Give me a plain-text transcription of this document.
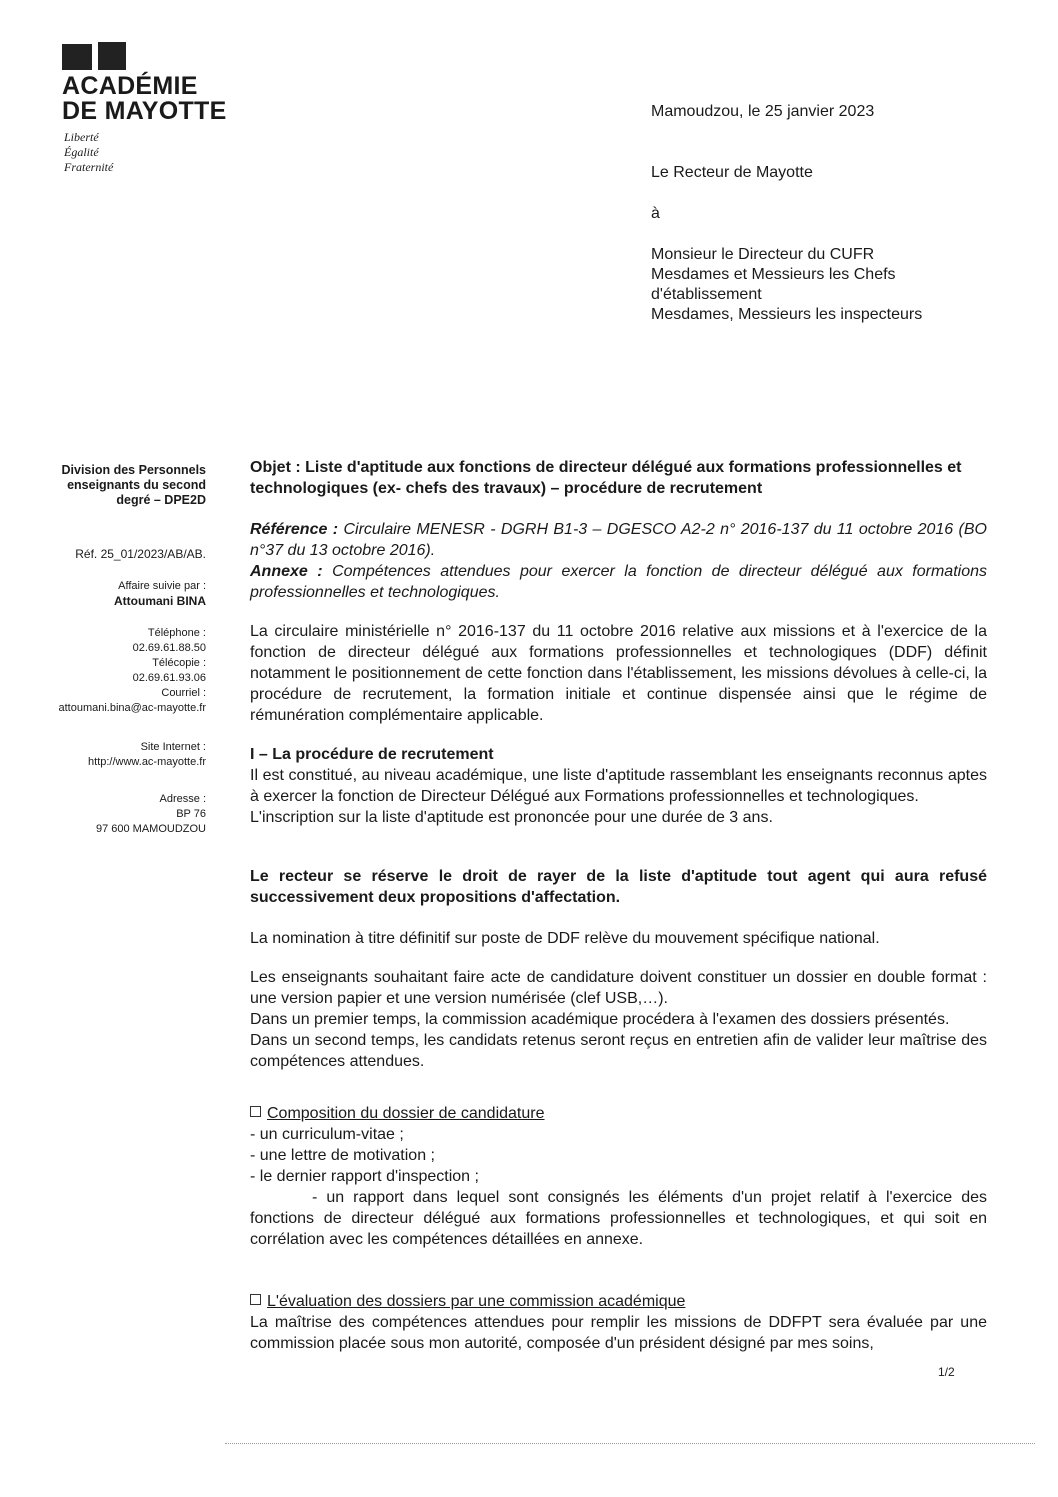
ACADÉMIE
DE MAYOTTE
Liberté
Égalité
Fraternité
Mamoudzou, le 25 janvier 2023
Le Recteur de Mayotte
à
Monsieur le Directeur du CUFR
Mesdames et Messieurs les Chefs
d'établissement
Mesdames, Messieurs les inspecteurs
Division des Personnels
enseignants du second
degré – DPE2D
Réf. 25_01/2023/AB/AB.
Affaire suivie par :
Attoumani BINA
Téléphone :
02.69.61.88.50
Télécopie :
02.69.61.93.06
Courriel :
attoumani.bina@ac-mayotte.fr
Site Internet :
http://www.ac-mayotte.fr
Adresse :
BP 76
97 600 MAMOUDZOU
Objet : Liste d'aptitude aux fonctions de directeur délégué aux formations professionnelles et technologiques (ex- chefs des travaux) – procédure de recrutement

Référence : Circulaire MENESR - DGRH B1-3 – DGESCO A2-2 n° 2016-137 du 11 octobre 2016 (BO n°37 du 13 octobre 2016).

Annexe : Compétences attendues pour exercer la fonction de directeur délégué aux formations professionnelles et technologiques.

La circulaire ministérielle n° 2016-137 du 11 octobre 2016 relative aux missions et à l'exercice de la fonction de directeur délégué aux formations professionnelles et technologiques (DDF) définit notamment le positionnement de cette fonction dans l'établissement, les missions dévolues à celle-ci, la procédure de recrutement, la formation initiale et continue dispensée ainsi que le régime de rémunération complémentaire applicable.

I – La procédure de recrutement

Il est constitué, au niveau académique, une liste d'aptitude rassemblant les enseignants reconnus aptes à exercer la fonction de Directeur Délégué aux Formations professionnelles et technologiques.

L'inscription sur la liste d'aptitude est prononcée pour une durée de 3 ans.

Le recteur se réserve le droit de rayer de la liste d'aptitude tout agent qui aura refusé successivement deux propositions d'affectation.
La nomination à titre définitif sur poste de DDF relève du mouvement spécifique national.

Les enseignants souhaitant faire acte de candidature doivent constituer un dossier en double format : une version papier et une version numérisée (clef USB,…).

Dans un premier temps, la commission académique procédera à l'examen des dossiers présentés.

Dans un second temps, les candidats retenus seront reçus en entretien afin de valider leur maîtrise des compétences attendues.

Composition du dossier de candidature

- un curriculum-vitae ;

- une lettre de motivation ;

- le dernier rapport d'inspection ;

- un rapport dans lequel sont consignés les éléments d'un projet relatif à l'exercice des fonctions de directeur délégué aux formations professionnelles et technologiques, et qui soit en corrélation avec les compétences détaillées en annexe.

L'évaluation des dossiers par une commission académique

La maîtrise des compétences attendues pour remplir les missions de DDFPT sera évaluée par une commission placée sous mon autorité, composée d'un président désigné par mes soins,

1/2
